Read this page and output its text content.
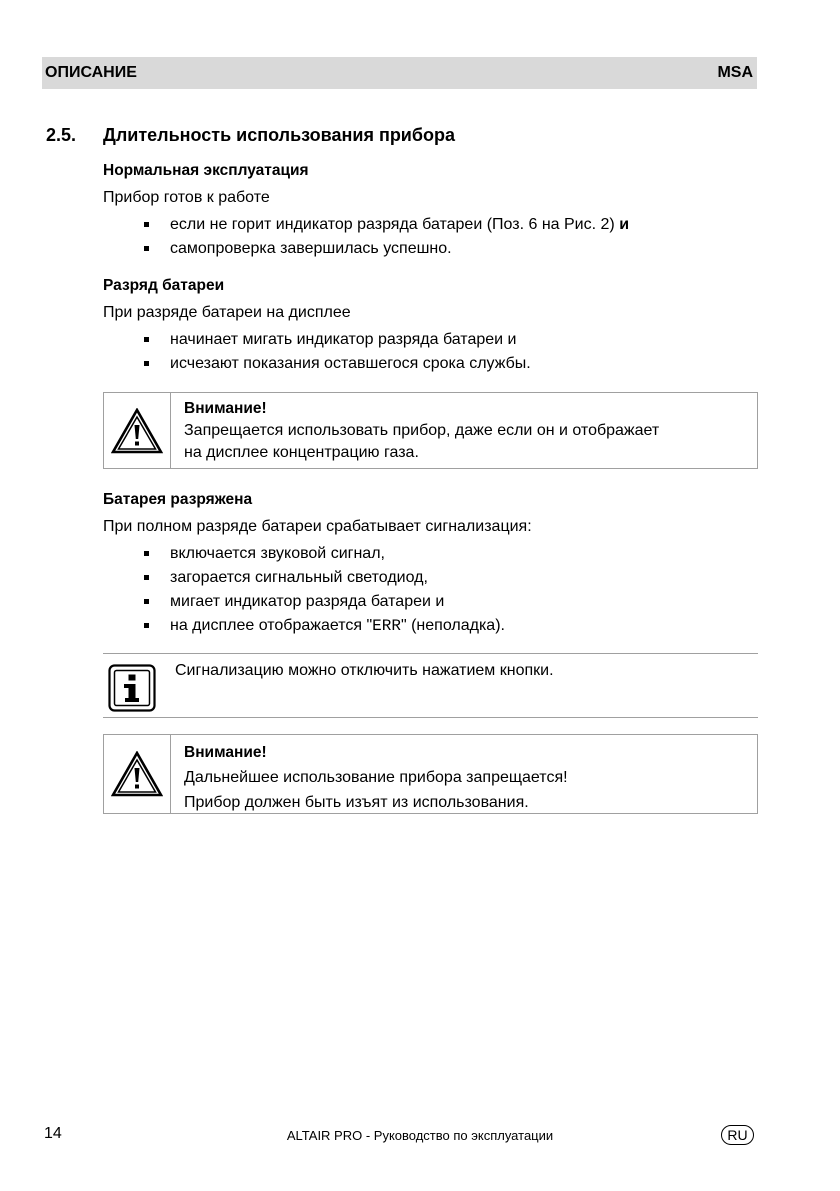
ОПИСАНИЕ	MSA
2.5. Длительность использования прибора
Нормальная эксплуатация

Прибор готов к работе

если не горит индикатор разряда батареи (Поз. 6 на Рис. 2) и
самопроверка завершилась успешно.
Разряд батареи

При разряде батареи на дисплее

начинает мигать индикатор разряда батареи и
исчезают показания оставшегося срока службы.
Внимание!
Запрещается использовать прибор, даже если он и отображает
на дисплее концентрацию газа.
Батарея разряжена

При полном разряде батареи срабатывает сигнализация:

включается звуковой сигнал,
загорается сигнальный светодиод,
мигает индикатор разряда батареи и
на дисплее отображается "ERR" (неполадка).
Сигнализацию можно отключить нажатием кнопки.
Внимание!
Дальнейшее использование прибора запрещается!
Прибор должен быть изъят из использования.
14	ALTAIR PRO - Руководство по эксплуатации	RU
